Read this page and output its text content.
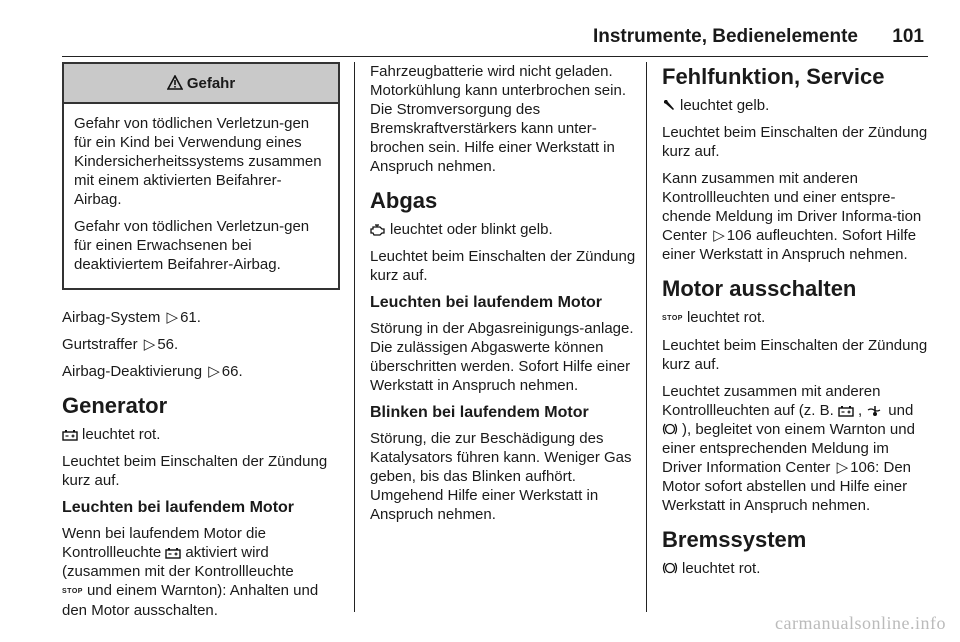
Instrumente, Bedienelemente 101
Gefahr

Gefahr von tödlichen Verletzun-gen für ein Kind bei Verwendung eines Kindersicherheitssystems zusammen mit einem aktivierten Beifahrer-Airbag.

Gefahr von tödlichen Verletzun-gen für einen Erwachsenen bei deaktiviertem Beifahrer-Airbag.

Airbag-System ▷ 61.

Gurtstraffer ▷ 56.

Airbag-Deaktivierung ▷ 66.

Generator

leuchtet rot.

Leuchtet beim Einschalten der Zündung kurz auf.

Leuchten bei laufendem Motor

Wenn bei laufendem Motor die Kontrollleuchte aktiviert wird (zusammen mit der Kontrollleuchte STOP und einem Warnton): Anhalten und den Motor ausschalten.

Fahrzeugbatterie wird nicht geladen. Motorkühlung kann unterbrochen sein. Die Stromversorgung des Bremskraftverstärkers kann unter-brochen sein. Hilfe einer Werkstatt in Anspruch nehmen.

Abgas

leuchtet oder blinkt gelb.

Leuchtet beim Einschalten der Zündung kurz auf.

Leuchten bei laufendem Motor

Störung in der Abgasreinigungs-anlage. Die zulässigen Abgaswerte können überschritten werden. Sofort Hilfe einer Werkstatt in Anspruch nehmen.

Blinken bei laufendem Motor

Störung, die zur Beschädigung des Katalysators führen kann. Weniger Gas geben, bis das Blinken aufhört. Umgehend Hilfe einer Werkstatt in Anspruch nehmen.

Fehlfunktion, Service

leuchtet gelb.

Leuchtet beim Einschalten der Zündung kurz auf.

Kann zusammen mit anderen Kontrollleuchten und einer entspre-chende Meldung im Driver Informa-tion Center ▷ 106 aufleuchten. Sofort Hilfe einer Werkstatt in Anspruch nehmen.

Motor ausschalten

STOP leuchtet rot.

Leuchtet beim Einschalten der Zündung kurz auf.

Leuchtet zusammen mit anderen Kontrollleuchten auf (z. B. , und ), begleitet von einem Warnton und einer entsprechenden Meldung im Driver Information Center ▷ 106: Den Motor sofort abstellen und Hilfe einer Werkstatt in Anspruch nehmen.

Bremssystem

leuchtet rot.

carmanualsonline.info
